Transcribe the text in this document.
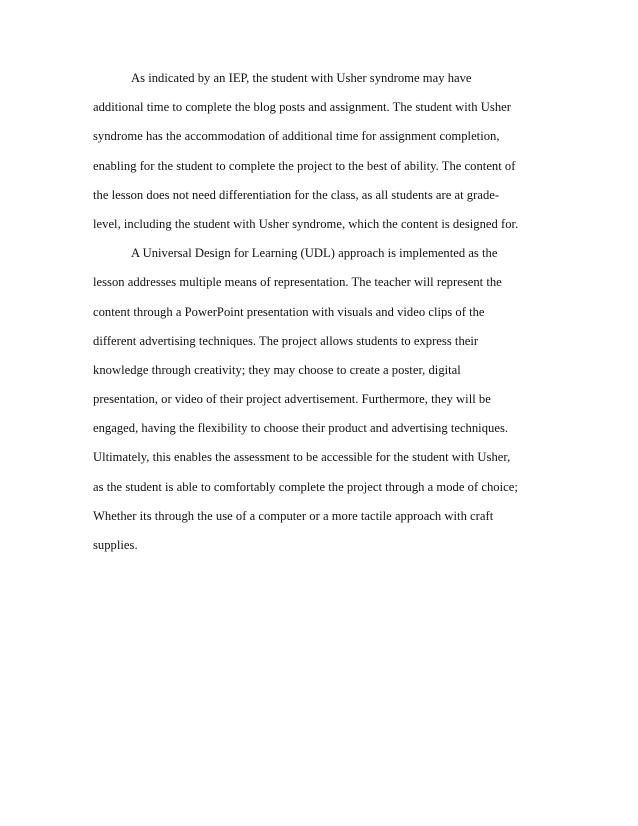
As indicated by an IEP, the student with Usher syndrome may have
additional time to complete the blog posts and assignment. The student with Usher
syndrome has the accommodation of additional time for assignment completion,
enabling for the student to complete the project to the best of ability. The content of
the lesson does not need differentiation for the class, as all students are at grade-
level, including the student with Usher syndrome, which the content is designed for.
A Universal Design for Learning (UDL) approach is implemented as the
lesson addresses multiple means of representation. The teacher will represent the
content through a PowerPoint presentation with visuals and video clips of the
different advertising techniques. The project allows students to express their
knowledge through creativity; they may choose to create a poster, digital
presentation, or video of their project advertisement. Furthermore, they will be
engaged, having the flexibility to choose their product and advertising techniques.
Ultimately, this enables the assessment to be accessible for the student with Usher,
as the student is able to comfortably complete the project through a mode of choice;
Whether its through the use of a computer or a more tactile approach with craft
supplies.
